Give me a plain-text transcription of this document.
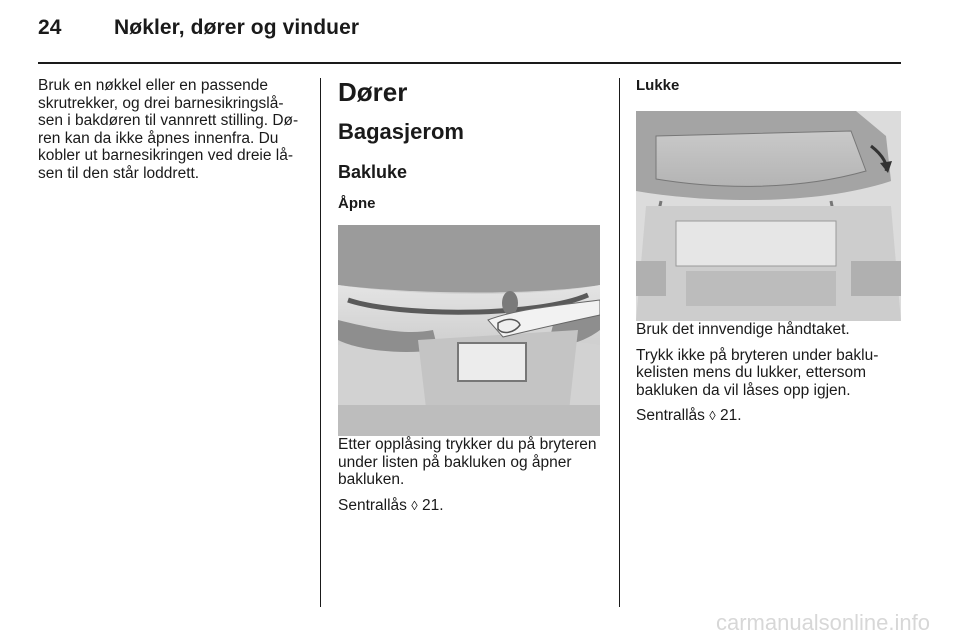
24 Nøkler, dører og vinduer

Bruk en nøkkel eller en passende
skrutrekker, og drei barnesikringslå-
sen i bakdøren til vannrett stilling. Dø-
ren kan da ikke åpnes innenfra. Du
kobler ut barnesikringen ved dreie lå-
sen til den står loddrett.

Dører
Bagasjerom
Bakluke
Åpne

Etter opplåsing trykker du på bryteren
under listen på bakluken og åpner
bakluken.

Sentrallås ◊ 21.

Lukke

Bruk det innvendige håndtaket.

Trykk ikke på bryteren under baklu-
kelisten mens du lukker, ettersom
bakluken da vil låses opp igjen.

Sentrallås ◊ 21.

carmanualsonline.info
